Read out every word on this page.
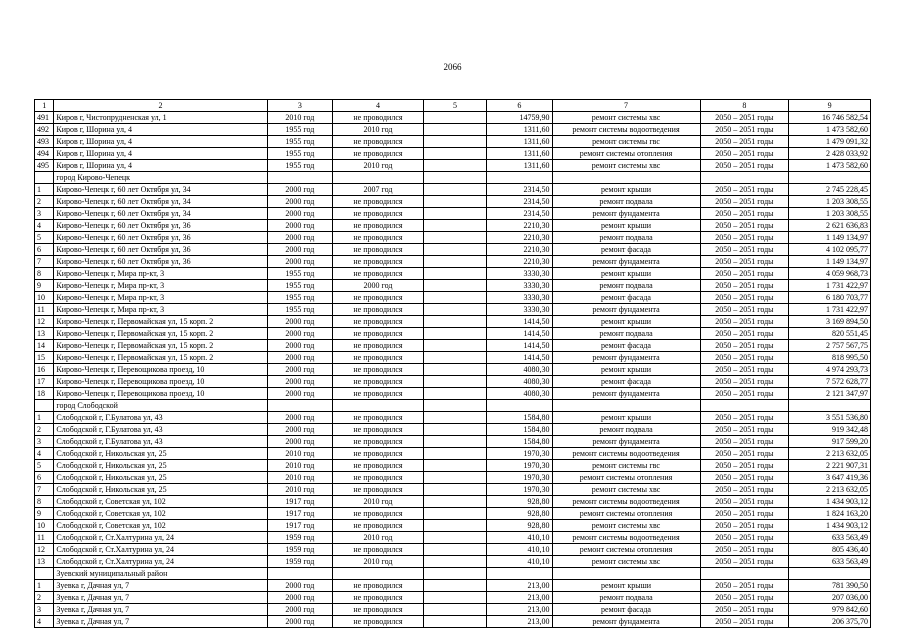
2066
1	2	3	4	5	6	7	8	9
491	Киров г, Чистопрудненская ул, 1	2010 год	не проводился		14759,90	ремонт системы хвс	2050 – 2051 годы	16 746 582,54
492	Киров г, Шорина ул, 4	1955 год	2010 год		1311,60	ремонт системы водоотведения	2050 – 2051 годы	1 473 582,60
493	Киров г, Шорина ул, 4	1955 год	не проводился		1311,60	ремонт системы гвс	2050 – 2051 годы	1 479 091,32
494	Киров г, Шорина ул, 4	1955 год	не проводился		1311,60	ремонт системы отопления	2050 – 2051 годы	2 428 033,92
495	Киров г, Шорина ул, 4	1955 год	2010 год		1311,60	ремонт системы хвс	2050 – 2051 годы	1 473 582,60
	город Кирово-Чепецк							
1	Кирово-Чепецк г, 60 лет Октября ул, 34	2000 год	2007 год		2314,50	ремонт крыши	2050 – 2051 годы	2 745 228,45
2	Кирово-Чепецк г, 60 лет Октября ул, 34	2000 год	не проводился		2314,50	ремонт подвала	2050 – 2051 годы	1 203 308,55
3	Кирово-Чепецк г, 60 лет Октября ул, 34	2000 год	не проводился		2314,50	ремонт фундамента	2050 – 2051 годы	1 203 308,55
4	Кирово-Чепецк г, 60 лет Октября ул, 36	2000 год	не проводился		2210,30	ремонт крыши	2050 – 2051 годы	2 621 636,83
5	Кирово-Чепецк г, 60 лет Октября ул, 36	2000 год	не проводился		2210,30	ремонт подвала	2050 – 2051 годы	1 149 134,97
6	Кирово-Чепецк г, 60 лет Октября ул, 36	2000 год	не проводился		2210,30	ремонт фасада	2050 – 2051 годы	4 102 095,77
7	Кирово-Чепецк г, 60 лет Октября ул, 36	2000 год	не проводился		2210,30	ремонт фундамента	2050 – 2051 годы	1 149 134,97
8	Кирово-Чепецк г, Мира пр-кт, 3	1955 год	не проводился		3330,30	ремонт крыши	2050 – 2051 годы	4 059 968,73
9	Кирово-Чепецк г, Мира пр-кт, 3	1955 год	2000 год		3330,30	ремонт подвала	2050 – 2051 годы	1 731 422,97
10	Кирово-Чепецк г, Мира пр-кт, 3	1955 год	не проводился		3330,30	ремонт фасада	2050 – 2051 годы	6 180 703,77
11	Кирово-Чепецк г, Мира пр-кт, 3	1955 год	не проводился		3330,30	ремонт фундамента	2050 – 2051 годы	1 731 422,97
12	Кирово-Чепецк г, Первомайская ул, 15 корп. 2	2000 год	не проводился		1414,50	ремонт крыши	2050 – 2051 годы	3 169 894,50
13	Кирово-Чепецк г, Первомайская ул, 15 корп. 2	2000 год	не проводился		1414,50	ремонт подвала	2050 – 2051 годы	820 551,45
14	Кирово-Чепецк г, Первомайская ул, 15 корп. 2	2000 год	не проводился		1414,50	ремонт фасада	2050 – 2051 годы	2 757 567,75
15	Кирово-Чепецк г, Первомайская ул, 15 корп. 2	2000 год	не проводился		1414,50	ремонт фундамента	2050 – 2051 годы	818 995,50
16	Кирово-Чепецк г, Перевощикова проезд, 10	2000 год	не проводился		4080,30	ремонт крыши	2050 – 2051 годы	4 974 293,73
17	Кирово-Чепецк г, Перевощикова проезд, 10	2000 год	не проводился		4080,30	ремонт фасада	2050 – 2051 годы	7 572 628,77
18	Кирово-Чепецк г, Перевощикова проезд, 10	2000 год	не проводился		4080,30	ремонт фундамента	2050 – 2051 годы	2 121 347,97
	город Слободской							
1	Слободской г, Г.Булатова ул, 43	2000 год	не проводился		1584,80	ремонт крыши	2050 – 2051 годы	3 551 536,80
2	Слободской г, Г.Булатова ул, 43	2000 год	не проводился		1584,80	ремонт подвала	2050 – 2051 годы	919 342,48
3	Слободской г, Г.Булатова ул, 43	2000 год	не проводился		1584,80	ремонт фундамента	2050 – 2051 годы	917 599,20
4	Слободской г, Никольская ул, 25	2010 год	не проводился		1970,30	ремонт системы водоотведения	2050 – 2051 годы	2 213 632,05
5	Слободской г, Никольская ул, 25	2010 год	не проводился		1970,30	ремонт системы гвс	2050 – 2051 годы	2 221 907,31
6	Слободской г, Никольская ул, 25	2010 год	не проводился		1970,30	ремонт системы отопления	2050 – 2051 годы	3 647 419,36
7	Слободской г, Никольская ул, 25	2010 год	не проводился		1970,30	ремонт системы хвс	2050 – 2051 годы	2 213 632,05
8	Слободской г, Советская ул, 102	1917 год	2010 год		928,80	ремонт системы водоотведения	2050 – 2051 годы	1 434 903,12
9	Слободской г, Советская ул, 102	1917 год	не проводился		928,80	ремонт системы отопления	2050 – 2051 годы	1 824 163,20
10	Слободской г, Советская ул, 102	1917 год	не проводился		928,80	ремонт системы хвс	2050 – 2051 годы	1 434 903,12
11	Слободской г, Ст.Халтурина ул, 24	1959 год	2010 год		410,10	ремонт системы водоотведения	2050 – 2051 годы	633 563,49
12	Слободской г, Ст.Халтурина ул, 24	1959 год	не проводился		410,10	ремонт системы отопления	2050 – 2051 годы	805 436,40
13	Слободской г, Ст.Халтурина ул, 24	1959 год	2010 год		410,10	ремонт системы хвс	2050 – 2051 годы	633 563,49
	Зуевский муниципальный район							
1	Зуевка г, Дачная ул, 7	2000 год	не проводился		213,00	ремонт крыши	2050 – 2051 годы	781 390,50
2	Зуевка г, Дачная ул, 7	2000 год	не проводился		213,00	ремонт подвала	2050 – 2051 годы	207 036,00
3	Зуевка г, Дачная ул, 7	2000 год	не проводился		213,00	ремонт фасада	2050 – 2051 годы	979 842,60
4	Зуевка г, Дачная ул, 7	2000 год	не проводился		213,00	ремонт фундамента	2050 – 2051 годы	206 375,70
